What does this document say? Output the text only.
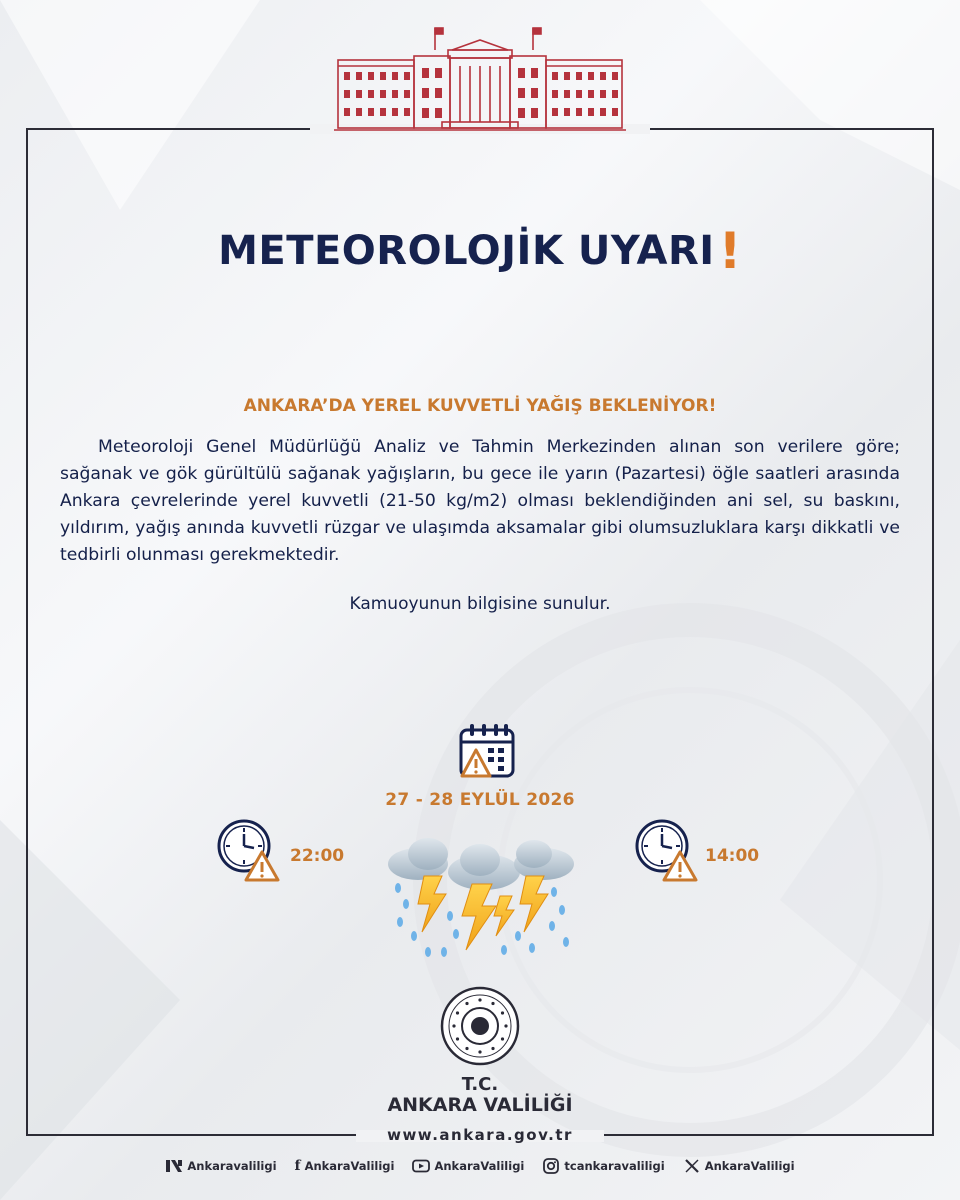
METEOROLOJİK UYARI!
ANKARA’DA YEREL KUVVETLİ YAĞIŞ BEKLENİYOR!
Meteoroloji Genel Müdürlüğü Analiz ve Tahmin Merkezinden alınan son verilere göre; sağanak ve gök gürültülü sağanak yağışların, bu gece ile yarın (Pazartesi) öğle saatleri arasında Ankara çevrelerinde yerel kuvvetli (21-50 kg/m2) olması beklendiğinden ani sel, su baskını, yıldırım, yağış anında kuvvetli rüzgar ve ulaşımda aksamalar gibi olumsuzluklara karşı dikkatli ve tedbirli olunması gerekmektedir.
Kamuoyunun bilgisine sunulur.
27 - 28 EYLÜL 2026
22:00	14:00
T.C.
ANKARA VALİLİĞİ
www.ankara.gov.tr
Ankaravaliligi f AnkaraValiligi	AnkaraValiligi	tcankaravaliligi	AnkaraValiligi
